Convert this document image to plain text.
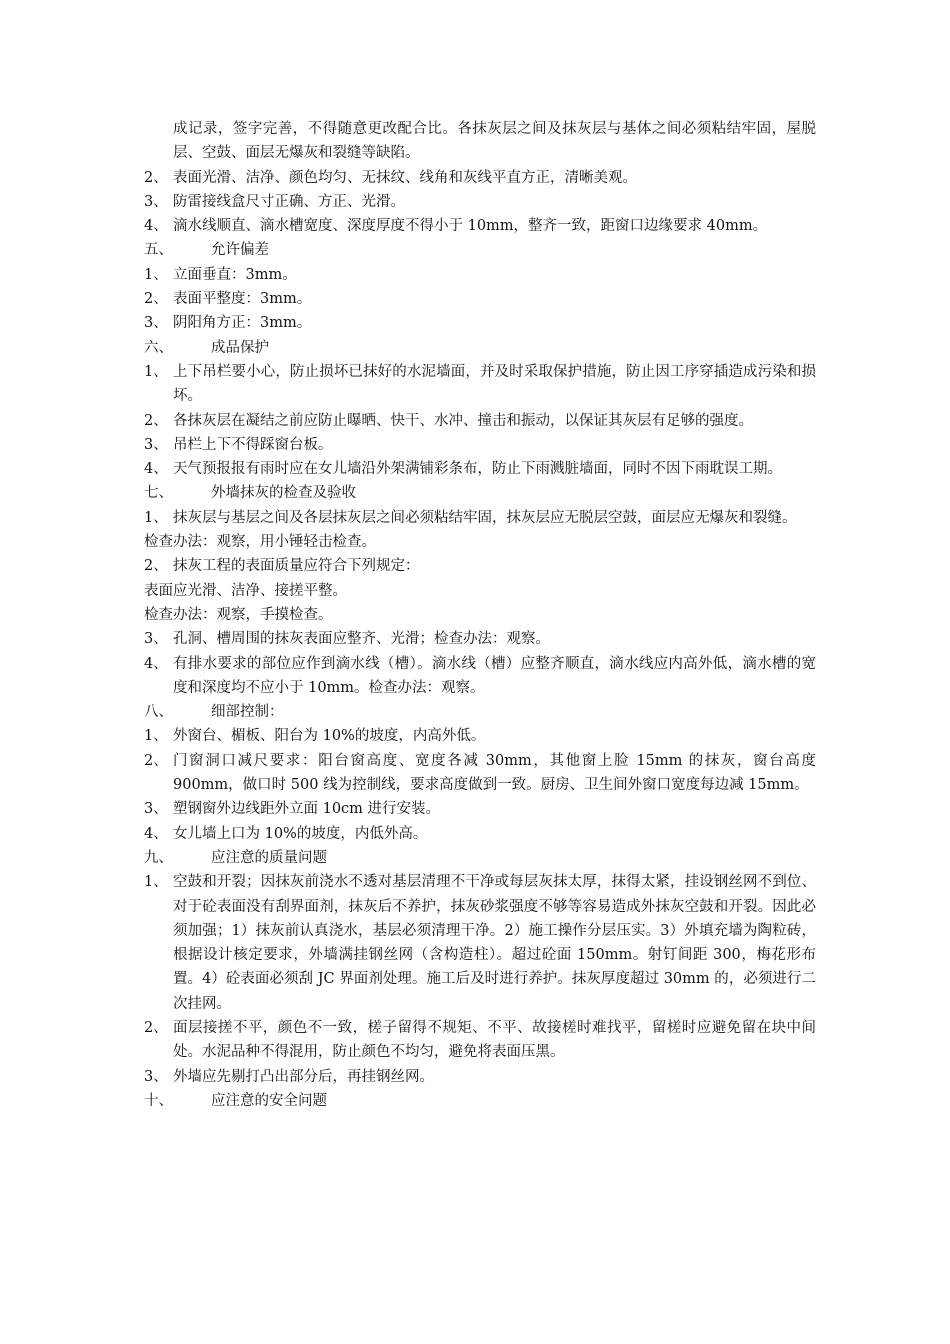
成记录，签字完善，不得随意更改配合比。各抹灰层之间及抹灰层与基体之间必须粘结牢固，屋脱层、空鼓、面层无爆灰和裂缝等缺陷。
2、 表面光滑、洁净、颜色均匀、无抹纹、线角和灰线平直方正，清晰美观。
3、 防雷接线盒尺寸正确、方正、光滑。
4、 滴水线顺直、滴水槽宽度、深度厚度不得小于 10mm，整齐一致，距窗口边缘要求 40mm。
五、	允许偏差
1、 立面垂直：3mm。
2、 表面平整度：3mm。
3、 阴阳角方正：3mm。
六、	成品保护
1、 上下吊栏要小心，防止损坏已抹好的水泥墙面，并及时采取保护措施，防止因工序穿插造成污染和损坏。
2、 各抹灰层在凝结之前应防止曝晒、快干、水冲、撞击和振动，以保证其灰层有足够的强度。
3、 吊栏上下不得踩窗台板。
4、 天气预报报有雨时应在女儿墙沿外架满铺彩条布，防止下雨溅脏墙面，同时不因下雨耽误工期。
七、	外墙抹灰的检查及验收
1、 抹灰层与基层之间及各层抹灰层之间必须粘结牢固，抹灰层应无脱层空鼓，面层应无爆灰和裂缝。
检查办法：观察，用小锤轻击检查。
2、 抹灰工程的表面质量应符合下列规定：
表面应光滑、洁净、接搓平整。
检查办法：观察，手摸检查。
3、 孔洞、槽周围的抹灰表面应整齐、光滑；检查办法：观察。
4、 有排水要求的部位应作到滴水线（槽）。滴水线（槽）应整齐顺直，滴水线应内高外低，滴水槽的宽度和深度均不应小于 10mm。检查办法：观察。
八、	细部控制：
1、 外窗台、楣板、阳台为 10%的坡度，内高外低。
2、 门窗洞口减尺要求：阳台窗高度、宽度各减 30mm，其他窗上脸 15mm 的抹灰，窗台高度 900mm，做口时 500 线为控制线，要求高度做到一致。厨房、卫生间外窗口宽度每边减 15mm。
3、 塑钢窗外边线距外立面 10cm 进行安装。
4、 女儿墙上口为 10%的坡度，内低外高。
九、	应注意的质量问题
1、 空鼓和开裂；因抹灰前浇水不透对基层清理不干净或每层灰抹太厚，抹得太紧，挂设钢丝网不到位、对于砼表面没有刮界面剂，抹灰后不养护，抹灰砂浆强度不够等容易造成外抹灰空鼓和开裂。因此必须加强；1）抹灰前认真浇水，基层必须清理干净。2）施工操作分层压实。3）外填充墙为陶粒砖，根据设计核定要求，外墙满挂钢丝网（含构造柱）。超过砼面 150mm。射钉间距 300，梅花形布置。4）砼表面必须刮 JC 界面剂处理。施工后及时进行养护。抹灰厚度超过 30mm 的，必须进行二次挂网。
2、 面层接搓不平，颜色不一致，槎子留得不规矩、不平、故接槎时难找平，留槎时应避免留在块中间处。水泥品种不得混用，防止颜色不均匀，避免将表面压黑。
3、 外墙应先剔打凸出部分后，再挂钢丝网。
十、	应注意的安全问题
